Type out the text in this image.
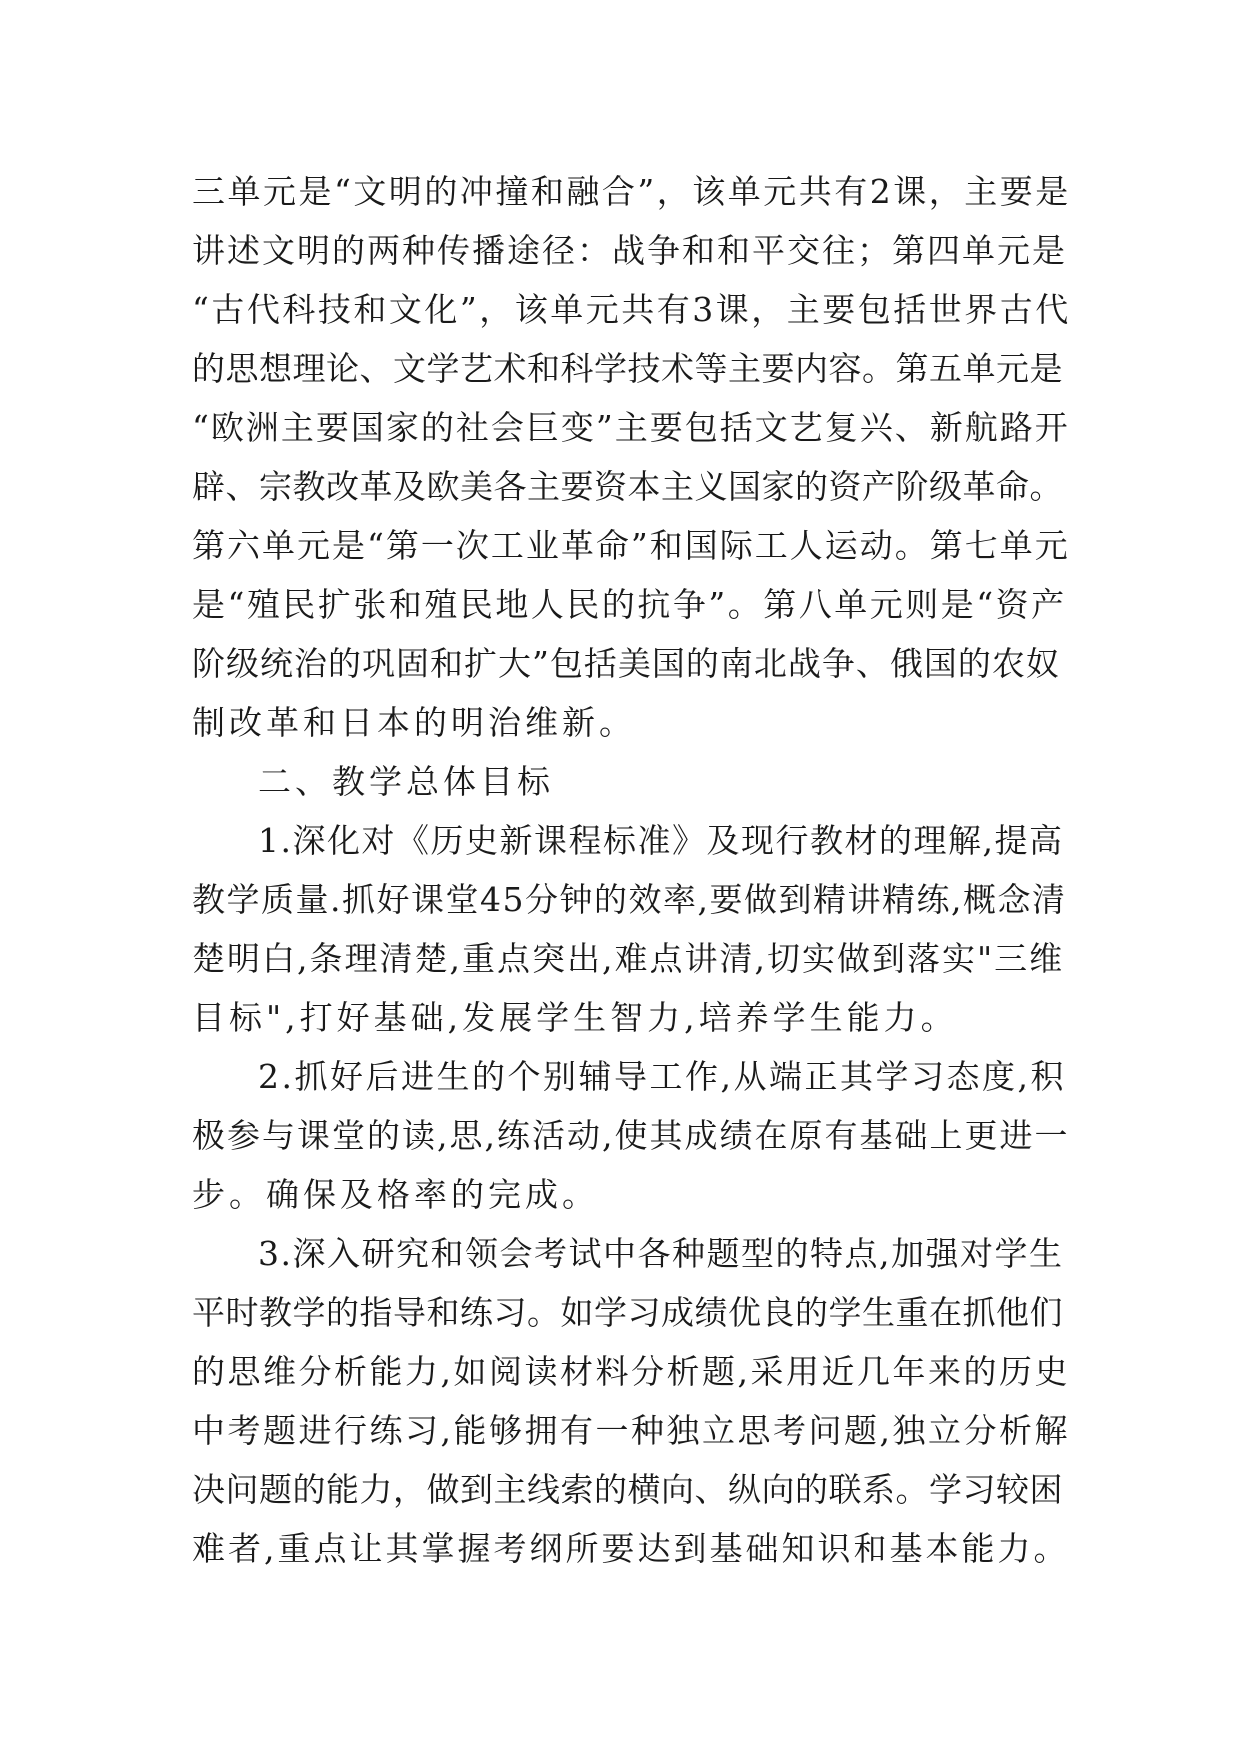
三单元是“文明的冲撞和融合”，该单元共有2课，主要是
讲述文明的两种传播途径：战争和和平交往；第四单元是
“古代科技和文化”，该单元共有3课，主要包括世界古代
的思想理论、文学艺术和科学技术等主要内容。第五单元是
“欧洲主要国家的社会巨变”主要包括文艺复兴、新航路开
辟、宗教改革及欧美各主要资本主义国家的资产阶级革命。
第六单元是“第一次工业革命”和国际工人运动。第七单元
是“殖民扩张和殖民地人民的抗争”。第八单元则是“资产
阶级统治的巩固和扩大”包括美国的南北战争、俄国的农奴
制改革和日本的明治维新。
二、教学总体目标
1.深化对《历史新课程标准》及现行教材的理解,提高
教学质量.抓好课堂45分钟的效率,要做到精讲精练,概念清
楚明白,条理清楚,重点突出,难点讲清,切实做到落实"三维
目标",打好基础,发展学生智力,培养学生能力。
2.抓好后进生的个别辅导工作,从端正其学习态度,积
极参与课堂的读,思,练活动,使其成绩在原有基础上更进一
步。确保及格率的完成。
3.深入研究和领会考试中各种题型的特点,加强对学生
平时教学的指导和练习。如学习成绩优良的学生重在抓他们
的思维分析能力,如阅读材料分析题,采用近几年来的历史
中考题进行练习,能够拥有一种独立思考问题,独立分析解
决问题的能力，做到主线索的横向、纵向的联系。学习较困
难者,重点让其掌握考纲所要达到基础知识和基本能力。
